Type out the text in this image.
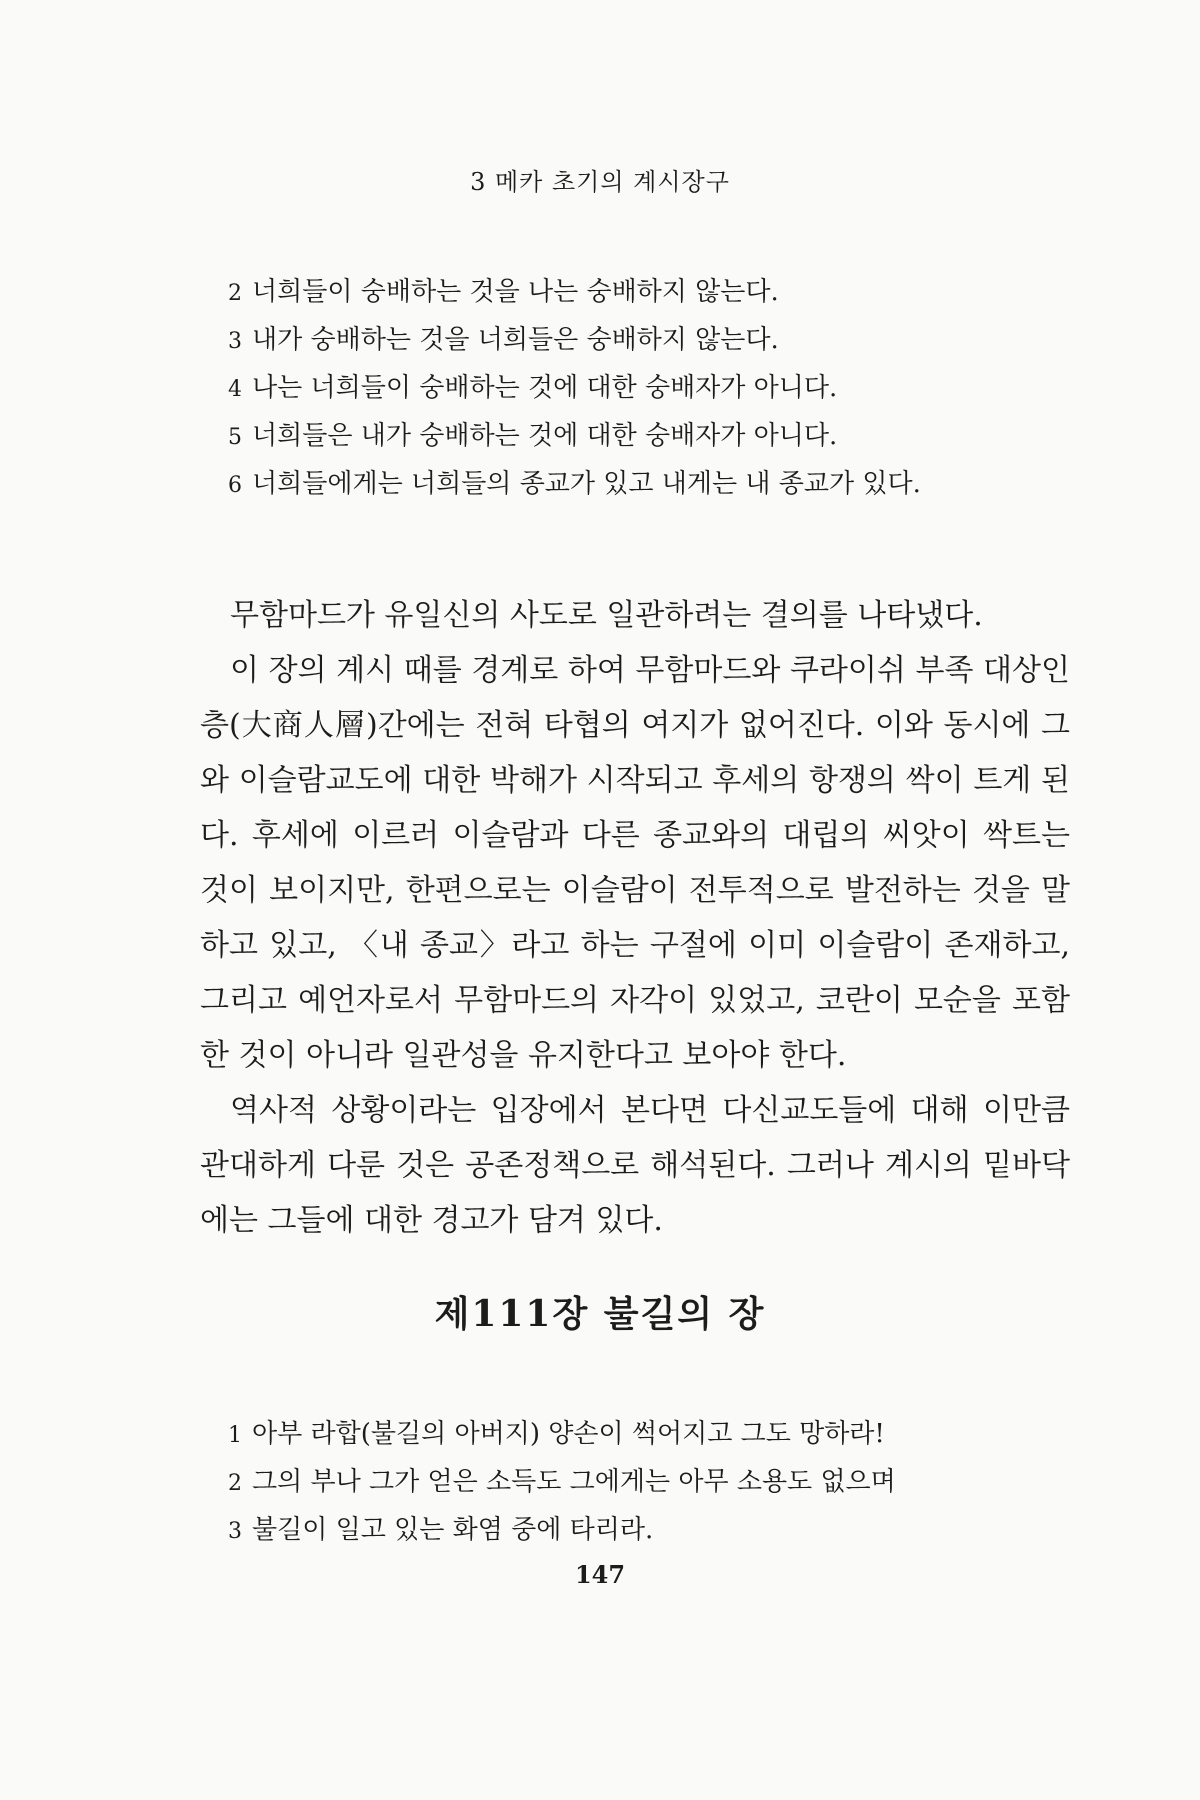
3 메카 초기의 계시장구
2 너희들이 숭배하는 것을 나는 숭배하지 않는다.
3 내가 숭배하는 것을 너희들은 숭배하지 않는다.
4 나는 너희들이 숭배하는 것에 대한 숭배자가 아니다.
5 너희들은 내가 숭배하는 것에 대한 숭배자가 아니다.
6 너희들에게는 너희들의 종교가 있고 내게는 내 종교가 있다.

무함마드가 유일신의 사도로 일관하려는 결의를 나타냈다.

이 장의 계시 때를 경계로 하여 무함마드와 쿠라이쉬 부족 대상인층(大商人層)간에는 전혀 타협의 여지가 없어진다. 이와 동시에 그와 이슬람교도에 대한 박해가 시작되고 후세의 항쟁의 싹이 트게 된다. 후세에 이르러 이슬람과 다른 종교와의 대립의 씨앗이 싹트는 것이 보이지만, 한편으로는 이슬람이 전투적으로 발전하는 것을 말하고 있고, 〈내 종교〉라고 하는 구절에 이미 이슬람이 존재하고, 그리고 예언자로서 무함마드의 자각이 있었고, 코란이 모순을 포함한 것이 아니라 일관성을 유지한다고 보아야 한다.

역사적 상황이라는 입장에서 본다면 다신교도들에 대해 이만큼 관대하게 다룬 것은 공존정책으로 해석된다. 그러나 계시의 밑바닥에는 그들에 대한 경고가 담겨 있다.

제111장 불길의 장
1 아부 라합(불길의 아버지) 양손이 썩어지고 그도 망하라!
2 그의 부나 그가 얻은 소득도 그에게는 아무 소용도 없으며
3 불길이 일고 있는 화염 중에 타리라.
147
